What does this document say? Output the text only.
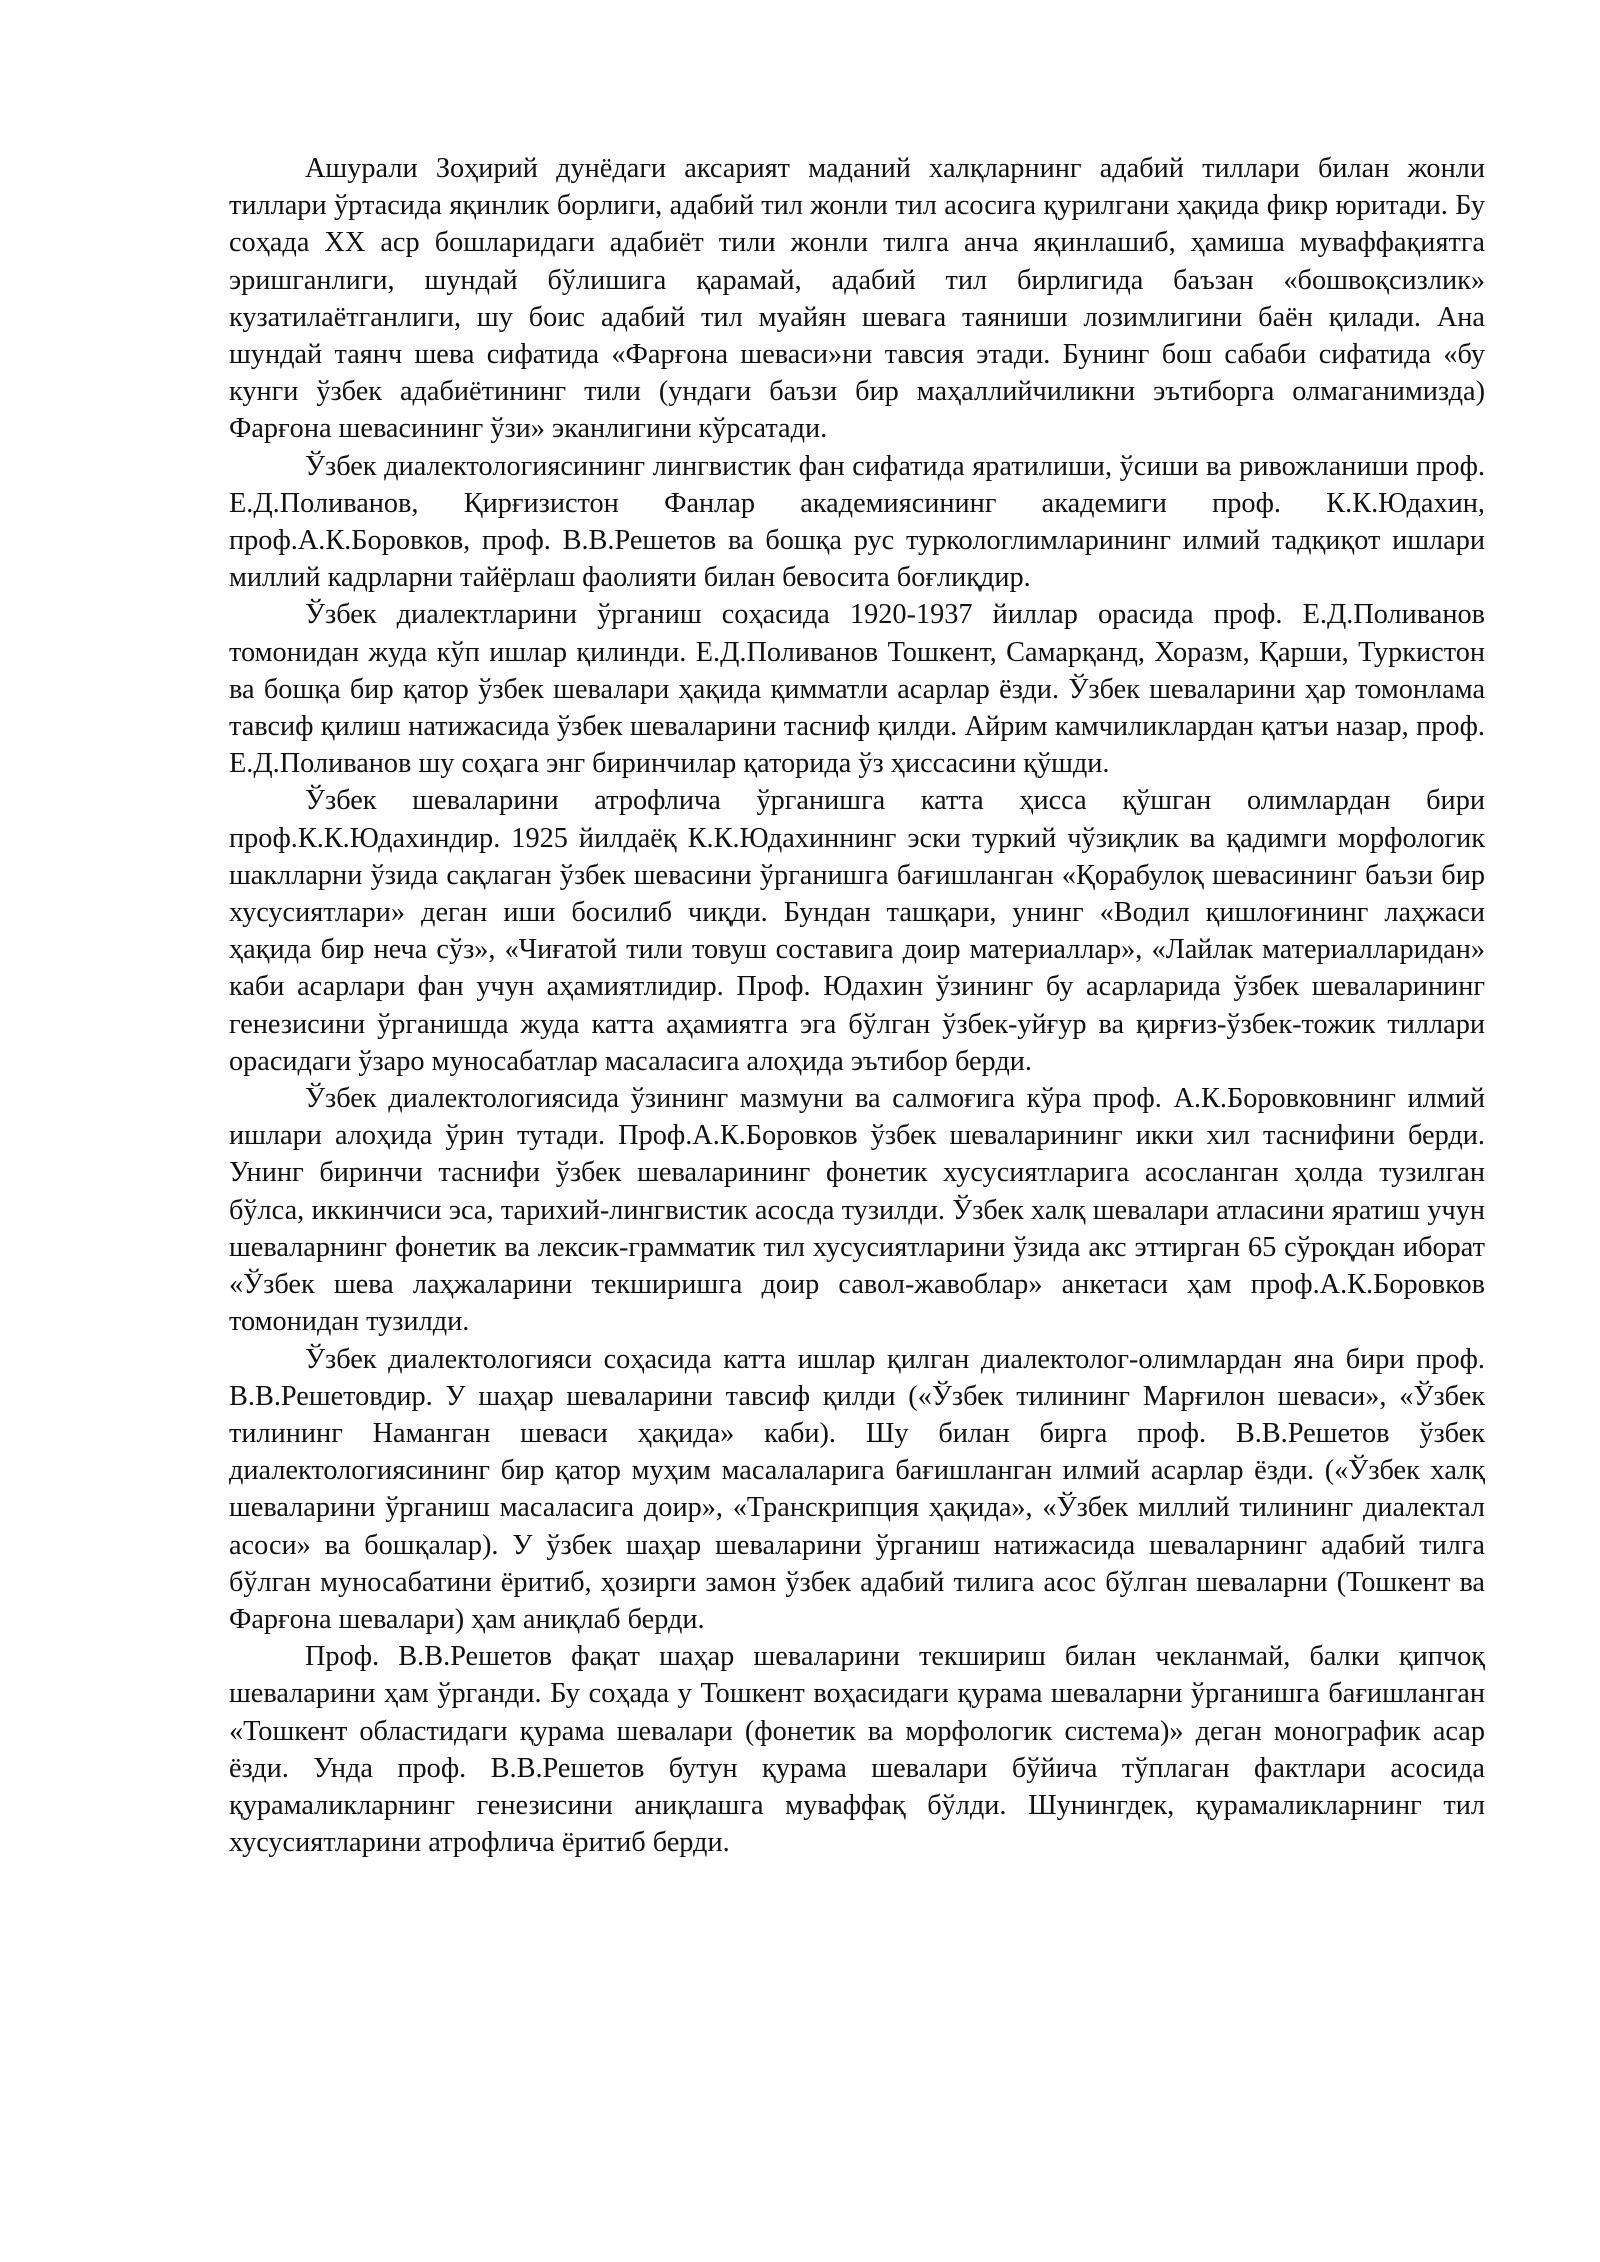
Ашурали Зоҳирий дунёдаги аксарият маданий халқларнинг адабий тиллари билан жонли тиллари ўртасида яқинлик борлиги, адабий тил жонли тил асосига қурилгани ҳақида фикр юритади. Бу соҳада ХХ аср бошларидаги адабиёт тили жонли тилга анча яқинлашиб, ҳамиша муваффақиятга эришганлиги, шундай бўлишига қарамай, адабий тил бирлигида баъзан «бошвоқсизлик» кузатилаётганлиги, шу боис адабий тил муайян шевага таяниши лозимлигини баён қилади. Ана шундай таянч шева сифатида «Фарғона шеваси»ни тавсия этади. Бунинг бош сабаби сифатида «бу кунги ўзбек адабиётининг тили (ундаги баъзи бир маҳаллийчиликни эътиборга олмаганимизда) Фарғона шевасининг ўзи» эканлигини кўрсатади.

Ўзбек диалектологиясининг лингвистик фан сифатида яратилиши, ўсиши ва ривожланиши проф. Е.Д.Поливанов, Қирғизистон Фанлар академиясининг академиги проф. К.К.Юдахин, проф.А.К.Боровков, проф. В.В.Решетов ва бошқа рус туркологлимларининг илмий тадқиқот ишлари миллий кадрларни тайёрлаш фаолияти билан бевосита боғлиқдир.

Ўзбек диалектларини ўрганиш соҳасида 1920-1937 йиллар орасида проф. Е.Д.Поливанов томонидан жуда кўп ишлар қилинди. Е.Д.Поливанов Тошкент, Самарқанд, Хоразм, Қарши, Туркистон ва бошқа бир қатор ўзбек шевалари ҳақида қимматли асарлар ёзди. Ўзбек шеваларини ҳар томонлама тавсиф қилиш натижасида ўзбек шеваларини тасниф қилди. Айрим камчиликлардан қатъи назар, проф. Е.Д.Поливанов шу соҳага энг биринчилар қаторида ўз ҳиссасини қўшди.

Ўзбек шеваларини атрофлича ўрганишга катта ҳисса қўшган олимлардан бири проф.К.К.Юдахиндир. 1925 йилдаёқ К.К.Юдахиннинг эски туркий чўзиқлик ва қадимги морфологик шаклларни ўзида сақлаган ўзбек шевасини ўрганишга бағишланган «Қорабулоқ шевасининг баъзи бир хусусиятлари» деган иши босилиб чиқди. Бундан ташқари, унинг «Водил қишлоғининг лаҳжаси ҳақида бир неча сўз», «Чиғатой тили товуш составига доир материаллар», «Лайлак материалларидан» каби асарлари фан учун аҳамиятлидир. Проф. Юдахин ўзининг бу асарларида ўзбек шеваларининг генезисини ўрганишда жуда катта аҳамиятга эга бўлган ўзбек-уйғур ва қирғиз-ўзбек-тожик тиллари орасидаги ўзаро муносабатлар масаласига алоҳида эътибор берди.

Ўзбек диалектологиясида ўзининг мазмуни ва салмоғига кўра проф. А.К.Боровковнинг илмий ишлари алоҳида ўрин тутади. Проф.А.К.Боровков ўзбек шеваларининг икки хил таснифини берди. Унинг биринчи таснифи ўзбек шеваларининг фонетик хусусиятларига асосланган ҳолда тузилган бўлса, иккинчиси эса, тарихий-лингвистик асосда тузилди. Ўзбек халқ шевалари атласини яратиш учун шеваларнинг фонетик ва лексик-грамматик тил хусусиятларини ўзида акс эттирган 65 сўроқдан иборат «Ўзбек шева лаҳжаларини текширишга доир савол-жавоблар» анкетаси ҳам проф.А.К.Боровков томонидан тузилди.

Ўзбек диалектологияси соҳасида катта ишлар қилган диалектолог-олимлардан яна бири проф. В.В.Решетовдир. У шаҳар шеваларини тавсиф қилди («Ўзбек тилининг Марғилон шеваси», «Ўзбек тилининг Наманган шеваси ҳақида» каби). Шу билан бирга проф. В.В.Решетов ўзбек диалектологиясининг бир қатор муҳим масалаларига бағишланган илмий асарлар ёзди. («Ўзбек халқ шеваларини ўрганиш масаласига доир», «Транскрипция ҳақида», «Ўзбек миллий тилининг диалектал асоси» ва бошқалар). У ўзбек шаҳар шеваларини ўрганиш натижасида шеваларнинг адабий тилга бўлган муносабатини ёритиб, ҳозирги замон ўзбек адабий тилига асос бўлган шеваларни (Тошкент ва Фарғона шевалари) ҳам аниқлаб берди.

Проф. В.В.Решетов фақат шаҳар шеваларини текшириш билан чекланмай, балки қипчоқ шеваларини ҳам ўрганди. Бу соҳада у Тошкент воҳасидаги қурама шеваларни ўрганишга бағишланган «Тошкент областидаги қурама шевалари (фонетик ва морфологик система)» деган монографик асар ёзди. Унда проф. В.В.Решетов бутун қурама шевалари бўйича тўплаган фактлари асосида қурамаликларнинг генезисини аниқлашга муваффақ бўлди. Шунингдек, қурамаликларнинг тил хусусиятларини атрофлича ёритиб берди.
